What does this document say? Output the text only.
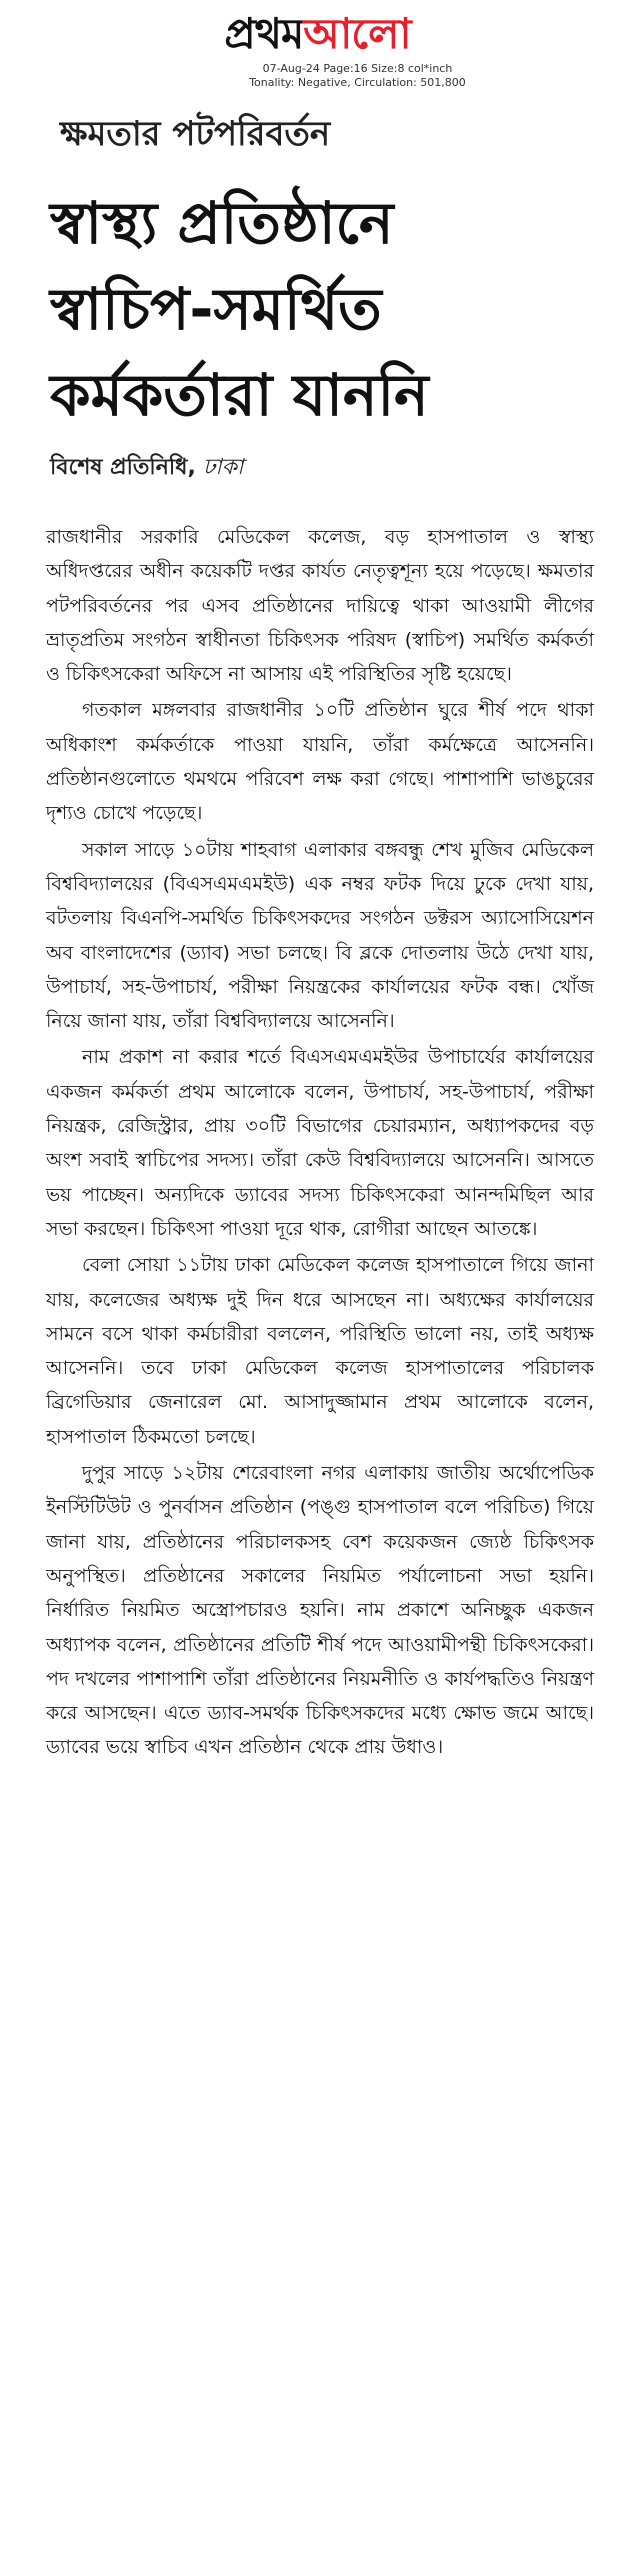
প্রথমআলো
07-Aug-24 Page:16 Size:8 col*inch
Tonality: Negative, Circulation: 501,800
ক্ষমতার পটপরিবর্তন
স্বাস্থ্য প্রতিষ্ঠানে
স্বাচিপ-সমর্থিত
কর্মকর্তারা যাননি
বিশেষ প্রতিনিধি, ঢাকা

রাজধানীর সরকারি মেডিকেল কলেজ, বড় হাসপাতাল ও স্বাস্থ্য অধিদপ্তরের অধীন কয়েকটি দপ্তর কার্যত নেতৃত্বশূন্য হয়ে পড়েছে। ক্ষমতার পটপরিবর্তনের পর এসব প্রতিষ্ঠানের দায়িত্বে থাকা আওয়ামী লীগের ভ্রাতৃপ্রতিম সংগঠন স্বাধীনতা চিকিৎসক পরিষদ (স্বাচিপ) সমর্থিত কর্মকর্তা ও চিকিৎসকেরা অফিসে না আসায় এই পরিস্থিতির সৃষ্টি হয়েছে।

গতকাল মঙ্গলবার রাজধানীর ১০টি প্রতিষ্ঠান ঘুরে শীর্ষ পদে থাকা অধিকাংশ কর্মকর্তাকে পাওয়া যায়নি, তাঁরা কর্মক্ষেত্রে আসেননি। প্রতিষ্ঠানগুলোতে থমথমে পরিবেশ লক্ষ করা গেছে। পাশাপাশি ভাঙচুরের দৃশ্যও চোখে পড়েছে।

সকাল সাড়ে ১০টায় শাহবাগ এলাকার বঙ্গবন্ধু শেখ মুজিব মেডিকেল বিশ্ববিদ্যালয়ের (বিএসএমএমইউ) এক নম্বর ফটক দিয়ে ঢুকে দেখা যায়, বটতলায় বিএনপি-সমর্থিত চিকিৎসকদের সংগঠন ডক্টরস অ্যাসোসিয়েশন অব বাংলাদেশের (ড্যাব) সভা চলছে। বি ব্লকে দোতলায় উঠে দেখা যায়, উপাচার্য, সহ-উপাচার্য, পরীক্ষা নিয়ন্ত্রকের কার্যালয়ের ফটক বন্ধ। খোঁজ নিয়ে জানা যায়, তাঁরা বিশ্ববিদ্যালয়ে আসেননি।

নাম প্রকাশ না করার শর্তে বিএসএমএমইউর উপাচার্যের কার্যালয়ের একজন কর্মকর্তা প্রথম আলোকে বলেন, উপাচার্য, সহ-উপাচার্য, পরীক্ষা নিয়ন্ত্রক, রেজিস্ট্রার, প্রায় ৩০টি বিভাগের চেয়ারম্যান, অধ্যাপকদের বড় অংশ সবাই স্বাচিপের সদস্য। তাঁরা কেউ বিশ্ববিদ্যালয়ে আসেননি। আসতে ভয় পাচ্ছেন। অন্যদিকে ড্যাবের সদস্য চিকিৎসকেরা আনন্দমিছিল আর সভা করছেন। চিকিৎসা পাওয়া দূরে থাক, রোগীরা আছেন আতঙ্কে।

বেলা সোয়া ১১টায় ঢাকা মেডিকেল কলেজ হাসপাতালে গিয়ে জানা যায়, কলেজের অধ্যক্ষ দুই দিন ধরে আসছেন না। অধ্যক্ষের কার্যালয়ের সামনে বসে থাকা কর্মচারীরা বললেন, পরিস্থিতি ভালো নয়, তাই অধ্যক্ষ আসেননি। তবে ঢাকা মেডিকেল কলেজ হাসপাতালের পরিচালক ব্রিগেডিয়ার জেনারেল মো. আসাদুজ্জামান প্রথম আলোকে বলেন, হাসপাতাল ঠিকমতো চলছে।

দুপুর সাড়ে ১২টায় শেরেবাংলা নগর এলাকায় জাতীয় অর্থোপেডিক ইনস্টিটিউট ও পুনর্বাসন প্রতিষ্ঠান (পঙ্গু হাসপাতাল বলে পরিচিত) গিয়ে জানা যায়, প্রতিষ্ঠানের পরিচালকসহ বেশ কয়েকজন জ্যেষ্ঠ চিকিৎসক অনুপস্থিত। প্রতিষ্ঠানের সকালের নিয়মিত পর্যালোচনা সভা হয়নি। নির্ধারিত নিয়মিত অস্ত্রোপচারও হয়নি। নাম প্রকাশে অনিচ্ছুক একজন অধ্যাপক বলেন, প্রতিষ্ঠানের প্রতিটি শীর্ষ পদে আওয়ামীপন্থী চিকিৎসকেরা। পদ দখলের পাশাপাশি তাঁরা প্রতিষ্ঠানের নিয়মনীতি ও কার্যপদ্ধতিও নিয়ন্ত্রণ করে আসছেন। এতে ড্যাব-সমর্থক চিকিৎসকদের মধ্যে ক্ষোভ জমে আছে। ড্যাবের ভয়ে স্বাচিব এখন প্রতিষ্ঠান থেকে প্রায় উধাও।
